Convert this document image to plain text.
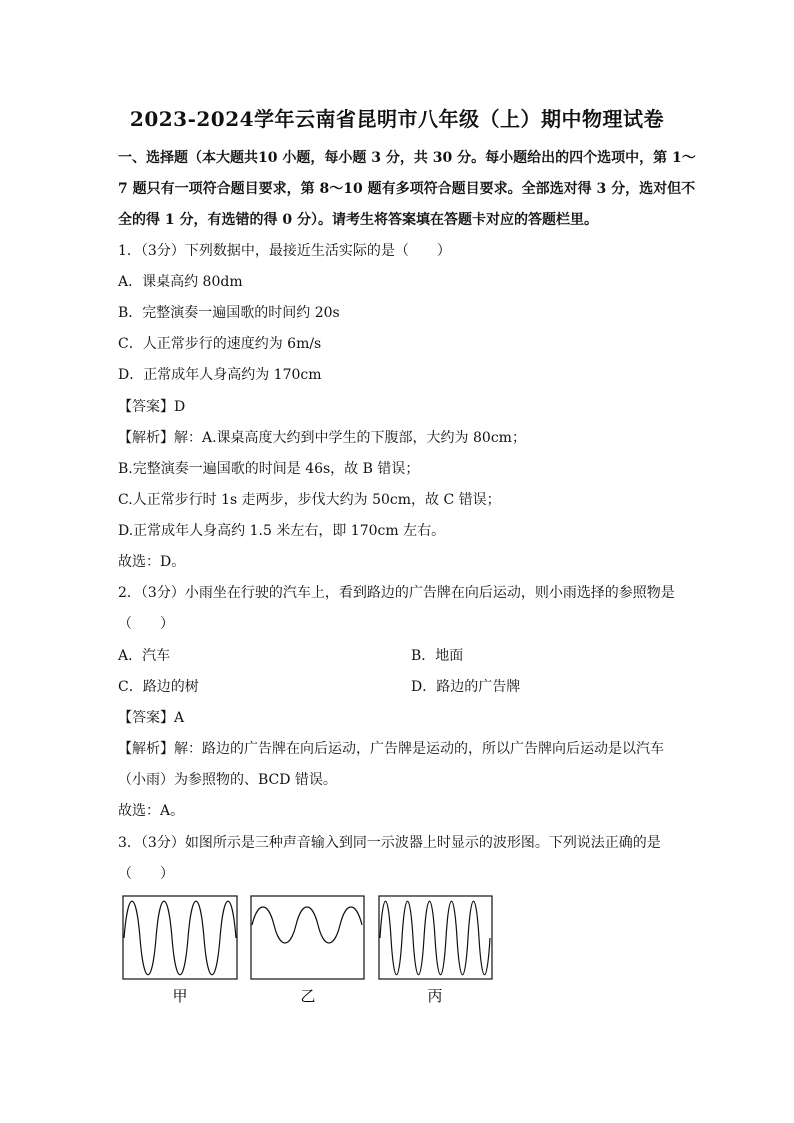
2023-2024学年云南省昆明市八年级（上）期中物理试卷
一、选择题（本大题共10 小题，每小题 3 分，共 30 分。每小题给出的四个选项中，第 1～
7 题只有一项符合题目要求，第 8～10 题有多项符合题目要求。全部选对得 3 分，选对但不
全的得 1 分，有选错的得 0 分）。请考生将答案填在答题卡对应的答题栏里。
1．（3分）下列数据中，最接近生活实际的是（　　）
A．课桌高约 80dm
B．完整演奏一遍国歌的时间约 20s
C．人正常步行的速度约为 6m/s
D．正常成年人身高约为 170cm
【答案】D
【解析】解：A.课桌高度大约到中学生的下腹部，大约为 80cm；
B.完整演奏一遍国歌的时间是 46s，故 B 错误；
C.人正常步行时 1s 走两步，步伐大约为 50cm，故 C 错误；
D.正常成年人身高约 1.5 米左右，即 170cm 左右。
故选：D。
2．（3分）小雨坐在行驶的汽车上，看到路边的广告牌在向后运动，则小雨选择的参照物是
（　　）
A．汽车	B．地面
C．路边的树	D．路边的广告牌
【答案】A
【解析】解：路边的广告牌在向后运动，广告牌是运动的，所以广告牌向后运动是以汽车
（小雨）为参照物的、BCD 错误。
故选：A。
3．（3分）如图所示是三种声音输入到同一示波器上时显示的波形图。下列说法正确的是
（　　）
甲	乙	丙
